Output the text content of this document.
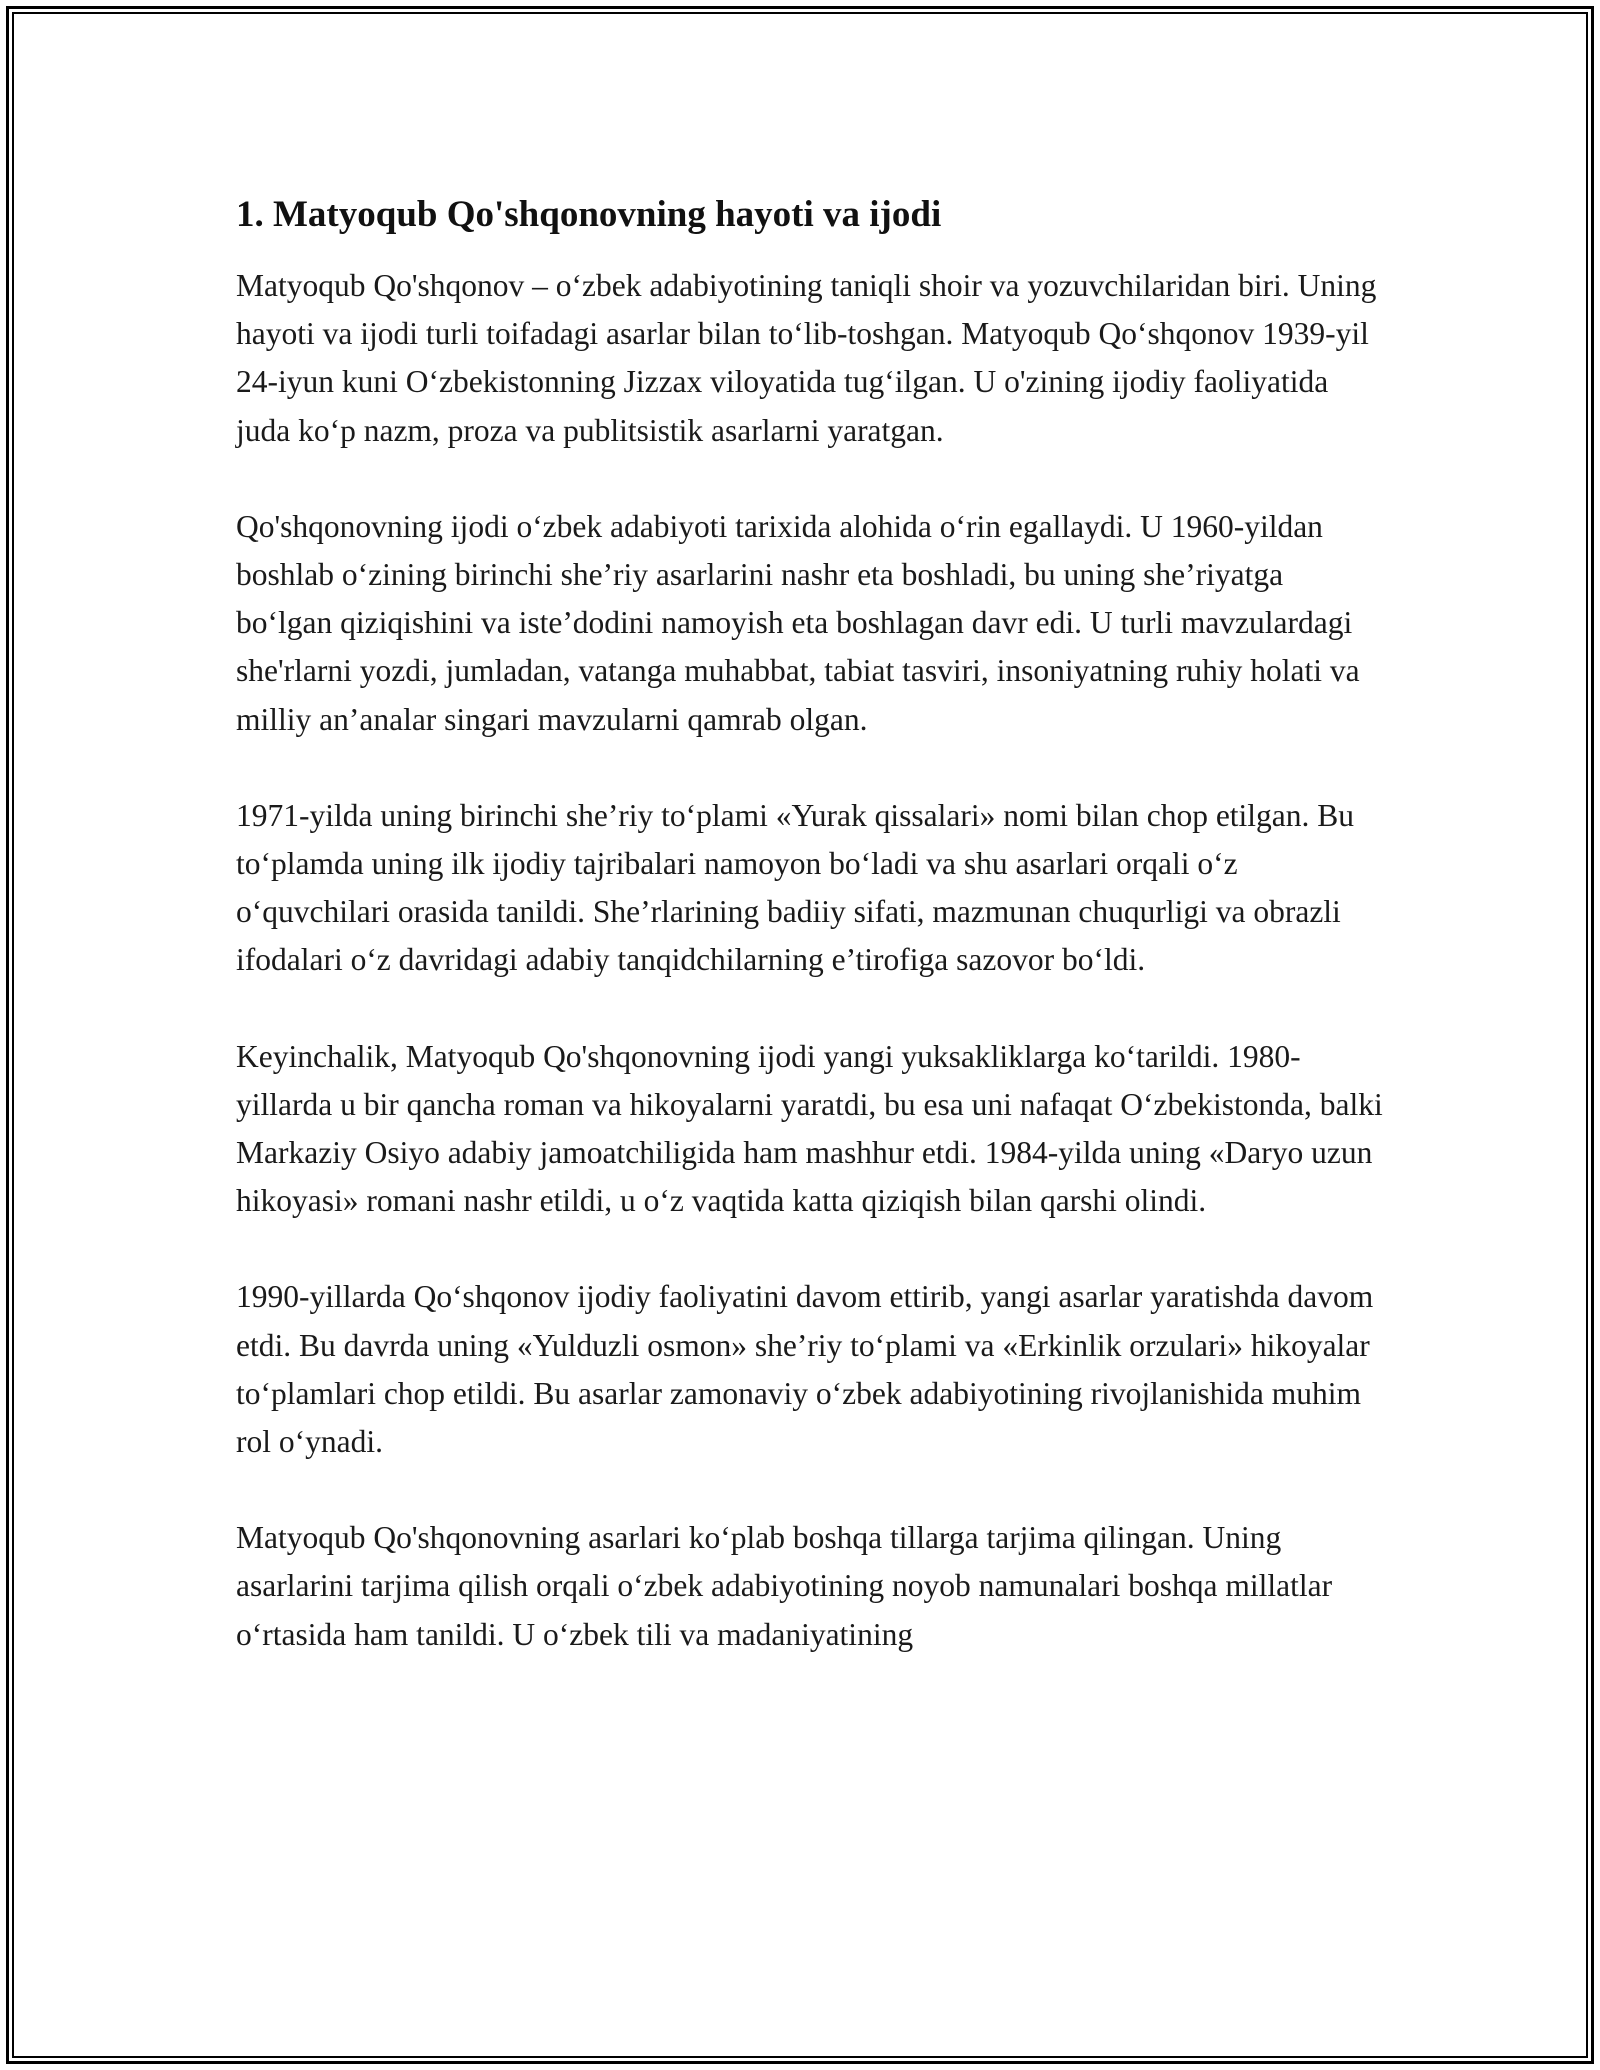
1. Matyoqub Qo'shqonovning hayoti va ijodi

Matyoqub Qo'shqonov – o‘zbek adabiyotining taniqli shoir va yozuvchilaridan biri. Uning hayoti va ijodi turli toifadagi asarlar bilan to‘lib-toshgan. Matyoqub Qo‘shqonov 1939-yil 24-iyun kuni O‘zbekistonning Jizzax viloyatida tug‘ilgan. U o'zining ijodiy faoliyatida juda ko‘p nazm, proza va publitsistik asarlarni yaratgan.

Qo'shqonovning ijodi o‘zbek adabiyoti tarixida alohida o‘rin egallaydi. U 1960-yildan boshlab o‘zining birinchi she’riy asarlarini nashr eta boshladi, bu uning she’riyatga bo‘lgan qiziqishini va iste’dodini namoyish eta boshlagan davr edi. U turli mavzulardagi she'rlarni yozdi, jumladan, vatanga muhabbat, tabiat tasviri, insoniyatning ruhiy holati va milliy an’analar singari mavzularni qamrab olgan.

1971-yilda uning birinchi she’riy to‘plami «Yurak qissalari» nomi bilan chop etilgan. Bu to‘plamda uning ilk ijodiy tajribalari namoyon bo‘ladi va shu asarlari orqali o‘z o‘quvchilari orasida tanildi. She’rlarining badiiy sifati, mazmunan chuqurligi va obrazli ifodalari o‘z davridagi adabiy tanqidchilarning e’tirofiga sazovor bo‘ldi.

Keyinchalik, Matyoqub Qo'shqonovning ijodi yangi yuksakliklarga ko‘tarildi. 1980-yillarda u bir qancha roman va hikoyalarni yaratdi, bu esa uni nafaqat O‘zbekistonda, balki Markaziy Osiyo adabiy jamoatchiligida ham mashhur etdi. 1984-yilda uning «Daryo uzun hikoyasi» romani nashr etildi, u o‘z vaqtida katta qiziqish bilan qarshi olindi.

1990-yillarda Qo‘shqonov ijodiy faoliyatini davom ettirib, yangi asarlar yaratishda davom etdi. Bu davrda uning «Yulduzli osmon» she’riy to‘plami va «Erkinlik orzulari» hikoyalar to‘plamlari chop etildi. Bu asarlar zamonaviy o‘zbek adabiyotining rivojlanishida muhim rol o‘ynadi.

Matyoqub Qo'shqonovning asarlari ko‘plab boshqa tillarga tarjima qilingan. Uning asarlarini tarjima qilish orqali o‘zbek adabiyotining noyob namunalari boshqa millatlar o‘rtasida ham tanildi. U o‘zbek tili va madaniyatining
